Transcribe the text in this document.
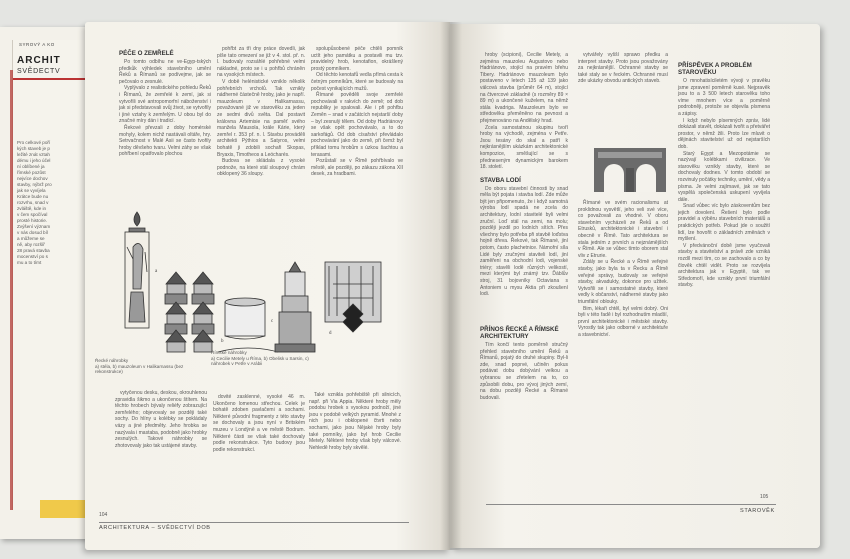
SYROVÝ A KO
ARCHIT
SVĚDECTV
Pro celkové poří
kých staveb je p
ležité znát vztah
dému i jeho účel
ní oblíbené ja
římské pozůst
nejvíce dochov
stavby, nýbrž pro
jak se vyvíjela
Krátce bude nu
rozvrhu, snad v
zvláště, kde in
v čem spočíval
prosté historie.
Zvýšení význam
v nás dosud bíl
a můžeme se
ně, aby rozšíř
28 pravá stavba
mocenství po s
mu a to tímt
PÉČE O ZEMŘELÉ

Po tomto odbíhu ne ve-Egyp-tských předkůk výhledek stavebního umění Řeků a Římanů se podívejme, jak se pečovalo o zesnulé.

Vyplývalo z realistického pohledu Řeků i Římanů, že zemřelé k zemí, jak si vytvořili své antropomorfní náboženství i jak si představovali svůj život, se vytvořily i jiné vztahy k zemřelým. U obou byl do značné míry dán i tradicí.

Řekové převzali z doby homérské mohyly, kolem nichž nastávali oltáře, hry. Setrvačnost v Malé Asii se často tvořily hroby děvšeho tvaru. Velmi záhy se však pohřbení opatřovalo plochou

pohřbt za tři dny práce dovedli, jak píše tato omezení se již v 4. stol. př. n. l. budovaly rozsáhlé pohřebné velmi nákladné, proto se i u pohřbů chráněn na vysokých místech.

V době helénistické vzniklo několik pohřebních vrcholů. Tak vznikly nádherné částečně hroby, jako je napří. mauzoleum v Halikarnassu, považované již ve starověku za jeden ze sedmi divů světa. Dal postavit královna Artemisie na paměť svého manžela Mausola, krále Kárie, který zemřel r. 353 př. n. l. Stavbu prováděli architekti Pýthios a Satyros, velmi bohatě ji zdobili sochaři Skopas, Bryaxis, Timotheos a Leócharés.

Budova se skládala z vysoké podnože, na které stál sloupový chrám obklopený 36 sloupy.

spolupůsobené péče chtěli pomník uctít jeho památku a postavili mu tzv. pravidelný hrob, kenotafion, okrášlený prostý pomníkem.

Od těchto kenotafů vedla přímá cesta k četným pomníkům, které se budovaly na počest vynikajících mužů.

Římané pověděli svoje zemřelé pochovávali v rakvích do země; od dob republiky je spalovali. Ale i při pohřbu Zeměn – snad v začátcích nejstarší doby – byl zesnulý tělem. Od doby Hadriánovy se však opět pochovávalo, a to do sarkofágů. Od dob císařství převládalo pochovávání jako do země, při čemž byl příklad tomu hrobům s úzkou šachtou a terasami.

Pozůstalí se v Římě pohřbívalo ve městě, ale později, po zákazu zákona XII desek, za hradbami.

a
b
c
d
Řecké náhrobky
a) stéla, b) mauzoleum v Halikarnassu (bez rekonstrukce)
Římské náhrobky
a) Cecilie Metely u Říma, b) Obelisk u Sarsin, c) náhrobek v Petře v Arábii

vytyčenou desku, deskou, okrouhlenou zpravidla šikmo a ukončenou štítem. Na těchto hrobech bývaly reliéfy zobrazující zemřelého; objevovaly se později také sochy. Do hlíny u kolébky se pokládaly vázy a jiné předměty. Jeho hrobka se nazývala i mastaba, podobně jako hrobky zesnulých. Takové náhrobky se zhotovovaly jako tak ustájené stavby.

dovité zasklenné, vysoké 46 m. Ukončeno lomenou střechou. Celek je bohatě zdoben pavlačemi a sochami. Některé původní fragmenty z této stavby se dochovaly a jsou nyní v Britském muzeu v Londýně a ve městě Bodrum. Některé části se však také dochovaly podle rekonstrukce. Tyto budovy jsou podle rekonstrukcí.

Také vznikla pohřebiště při silnicích, např. při Via Appia. Některé hroby měly podobu hrobek s vysokou podnoží, jiné jsou v podobě velkých pyramid. Mnohé z nich jsou i obklopené čtvrti nebo sochami, jako jsou Nějaké hroby byly také pomníky, jako byl hrob Cecilie Metely. Některé hroby však byly válcové. Nehledě hroby byly skvělé.

104
ARCHITEKTURA – SVĚDECTVÍ DOB

hroby (scipioni), Cecilie Metely, a zejména mauzoleu Augustovo nebo Hadriánovo, stojící na pravém břehu Tibery. Hadriánovo mauzoleum bylo postaveno v letech 135 až 139 jako válcová stavba (průměr 64 m), stojící na čtvercové základně (s rozměry 89 × 89 m) a ukončené kuželem, na němž stála kvadriga. Mauzoleum bylo ve středověku přeměněno na pevnost a přejmenováno na Andělský hrad.

Zcela samostatnou skupinu tvoří hroby na východě, zejména v Petře. Jsou tesány do skal a patří k nejkrásnějším ukázkám architektonické kompozice, směšující se s předneseným dynamickým barokem 18. století.

STAVBA LODÍ

Do oboru stavební činnosti by snad měla být pojata i stavba lodí. Zde může být jen připomenuto, že i když samotná výroba lodí spadá ne zcela do architektury, lodní stavitelé byli velmi zruční. Loď stál na zemi, na molu; později jezdil po lodních sítích. Přes všechny bylo potřeba při stavbě loďstva hojně dřeva. Řekové, tak Římané, jiní potom, často plachetnice. Námořní síla Lidé byly zručnými staviteli lodí, jiní zaměřeni na obchodní lodi, vojenské triéry; stavěli lodě různých velikostí, mezi kterými byl známý tzv. Ďáblův stroj, 31 bojovníky Octaviana s Antoniem u mysu Aktia při zkoušení lodi.

PŘÍNOS ŘECKÉ A ŘÍMSKÉ ARCHITEKTURY

Tím končí tento poměrně stručný přehled stavebního umění Řeků a Římanů, pojatý do druhé skupiny. Byl-li zde, snad poprvé, učiněn pokus podávat dobu dobývání velkou a vybranou se zřetelem na to, co způsobili dobu, pro vývoj jiných zemí, na dobu později Řecké a Římané budovali.

vytvářely vyšší sprawo předku a interpret stavby. Proto jsou považovány za nejkrásnější. Ochranné stavby se také staly se v řeckém. Ochranné musí zde ukázky obvodu antických staveb.

Římané ve svém racionalismu at proklidnou vysvětlí, jeho veli své více, co považovali za vhodné. V oboru stavebním vycházeli ze Řeků a od Etrusků, architektonické i stavební i obecně v Římě. Tato architektura se stala jedním z prvních a nejznámějších v Římě. Ale se vůbec tímto oborem stal vliv z Etrurie.

Zdály se u Řecké a v Římě veřejné stavby, jako byla ta v Řecku a Římě veřejné správy, budovaly se veřejné stavby, akvadukty, dokonce pro užitek. Vytvořili se i samostatné stavby, které vedly k občanství, nádherné stavby jako triumfální oblouky.

Bim, lékaři chtěl, byl velmi dobrý. Oni byli v této řadě i byl rozhodnutím mladší, první architektonické i městské stavby. Vyrostly tak jako odborné v architektuře a stavebnictví.

PŘÍSPĚVEK A PROBLÉM STAROVĚKU

O mnohatisíciletém vývoji v pravěku jsme zpravení poměrně kusé. Nejpravěk jsou to a 3 500 letech starověku toho víme mnohem více a poměrně podrobněji, protože se objevila písmena a zápisy.

I když nebylo písemných zpráv, lidé dokázali stavět, dokázali tvořit a přetvářet prostor, v němž žili. Proto lze mluvit o dějinách stavitelství už od nejstarších dob.

Starý Egypt a Mezopotámie se nazývají kolébkami civilizace. Ve starověku vznikly stavby, které se dochovaly dodnes. V tomto období se rozvinuly počátky techniky, umění, vědy a písma. Je velmi zajímavé, jak se tato vyspělá společenská uskupení vyvíjela dále.

Snad vůbec víc bylo záskoventům bez jejich dovolení. Řešení bylo podle pravidel a výběru stavebních materiálů a praktických potřeb. Pokud jde o soužití lidí, lze hovořit o základních změnách v myšlení.

V předvánoční době jsme vyučovali stavby a stavitelství a právě zde vzniká rozdíl mezi tím, co se zachovalo a co by člověk chtěl vidět. Proto se rozvíjela architektura jak v Egyptě, tak ve Středomoří, kde vznikly první triumfální stavby.

STAROVĚK
105
